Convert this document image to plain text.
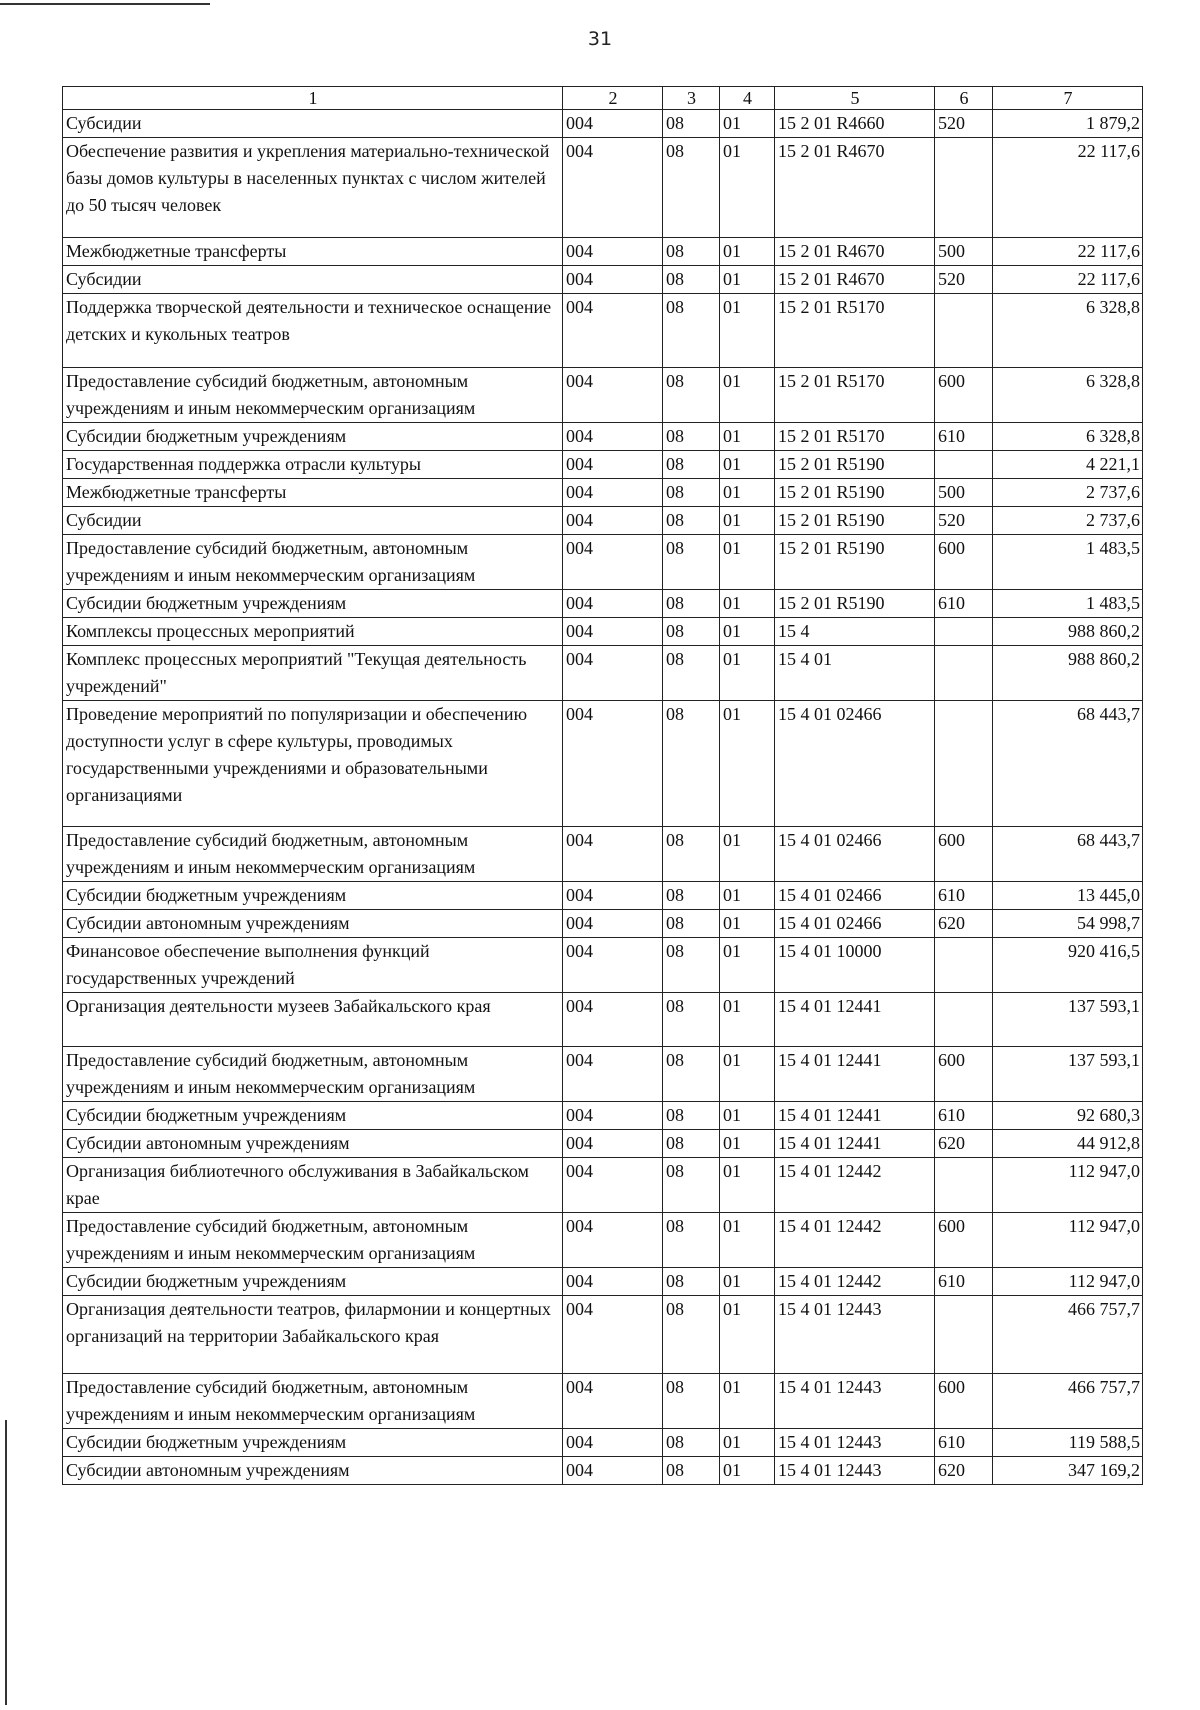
31
1	2	3	4	5	6	7
Субсидии	004	08	01	15 2 01 R4660	520	1 879,2
Обеспечение развития и укрепления материально-технической базы домов культуры в населенных пунктах с числом жителей до 50 тысяч человек	004	08	01	15 2 01 R4670		22 117,6
Межбюджетные трансферты	004	08	01	15 2 01 R4670	500	22 117,6
Субсидии	004	08	01	15 2 01 R4670	520	22 117,6
Поддержка творческой деятельности и техническое оснащение детских и кукольных театров	004	08	01	15 2 01 R5170		6 328,8
Предоставление субсидий бюджетным, автономным учреждениям и иным некоммерческим организациям	004	08	01	15 2 01 R5170	600	6 328,8
Субсидии бюджетным учреждениям	004	08	01	15 2 01 R5170	610	6 328,8
Государственная поддержка отрасли культуры	004	08	01	15 2 01 R5190		4 221,1
Межбюджетные трансферты	004	08	01	15 2 01 R5190	500	2 737,6
Субсидии	004	08	01	15 2 01 R5190	520	2 737,6
Предоставление субсидий бюджетным, автономным учреждениям и иным некоммерческим организациям	004	08	01	15 2 01 R5190	600	1 483,5
Субсидии бюджетным учреждениям	004	08	01	15 2 01 R5190	610	1 483,5
Комплексы процессных мероприятий	004	08	01	15 4		988 860,2
Комплекс процессных мероприятий "Текущая деятельность учреждений"	004	08	01	15 4 01		988 860,2
Проведение мероприятий по популяризации и обеспечению доступности услуг в сфере культуры, проводимых государственными учреждениями и образовательными организациями	004	08	01	15 4 01 02466		68 443,7
Предоставление субсидий бюджетным, автономным учреждениям и иным некоммерческим организациям	004	08	01	15 4 01 02466	600	68 443,7
Субсидии бюджетным учреждениям	004	08	01	15 4 01 02466	610	13 445,0
Субсидии автономным учреждениям	004	08	01	15 4 01 02466	620	54 998,7
Финансовое обеспечение выполнения функций государственных учреждений	004	08	01	15 4 01 10000		920 416,5
Организация деятельности музеев Забайкальского края	004	08	01	15 4 01 12441		137 593,1
Предоставление субсидий бюджетным, автономным учреждениям и иным некоммерческим организациям	004	08	01	15 4 01 12441	600	137 593,1
Субсидии бюджетным учреждениям	004	08	01	15 4 01 12441	610	92 680,3
Субсидии автономным учреждениям	004	08	01	15 4 01 12441	620	44 912,8
Организация библиотечного обслуживания в Забайкальском крае	004	08	01	15 4 01 12442		112 947,0
Предоставление субсидий бюджетным, автономным учреждениям и иным некоммерческим организациям	004	08	01	15 4 01 12442	600	112 947,0
Субсидии бюджетным учреждениям	004	08	01	15 4 01 12442	610	112 947,0
Организация деятельности театров, филармонии и концертных организаций на территории Забайкальского края	004	08	01	15 4 01 12443		466 757,7
Предоставление субсидий бюджетным, автономным учреждениям и иным некоммерческим организациям	004	08	01	15 4 01 12443	600	466 757,7
Субсидии бюджетным учреждениям	004	08	01	15 4 01 12443	610	119 588,5
Субсидии автономным учреждениям	004	08	01	15 4 01 12443	620	347 169,2
